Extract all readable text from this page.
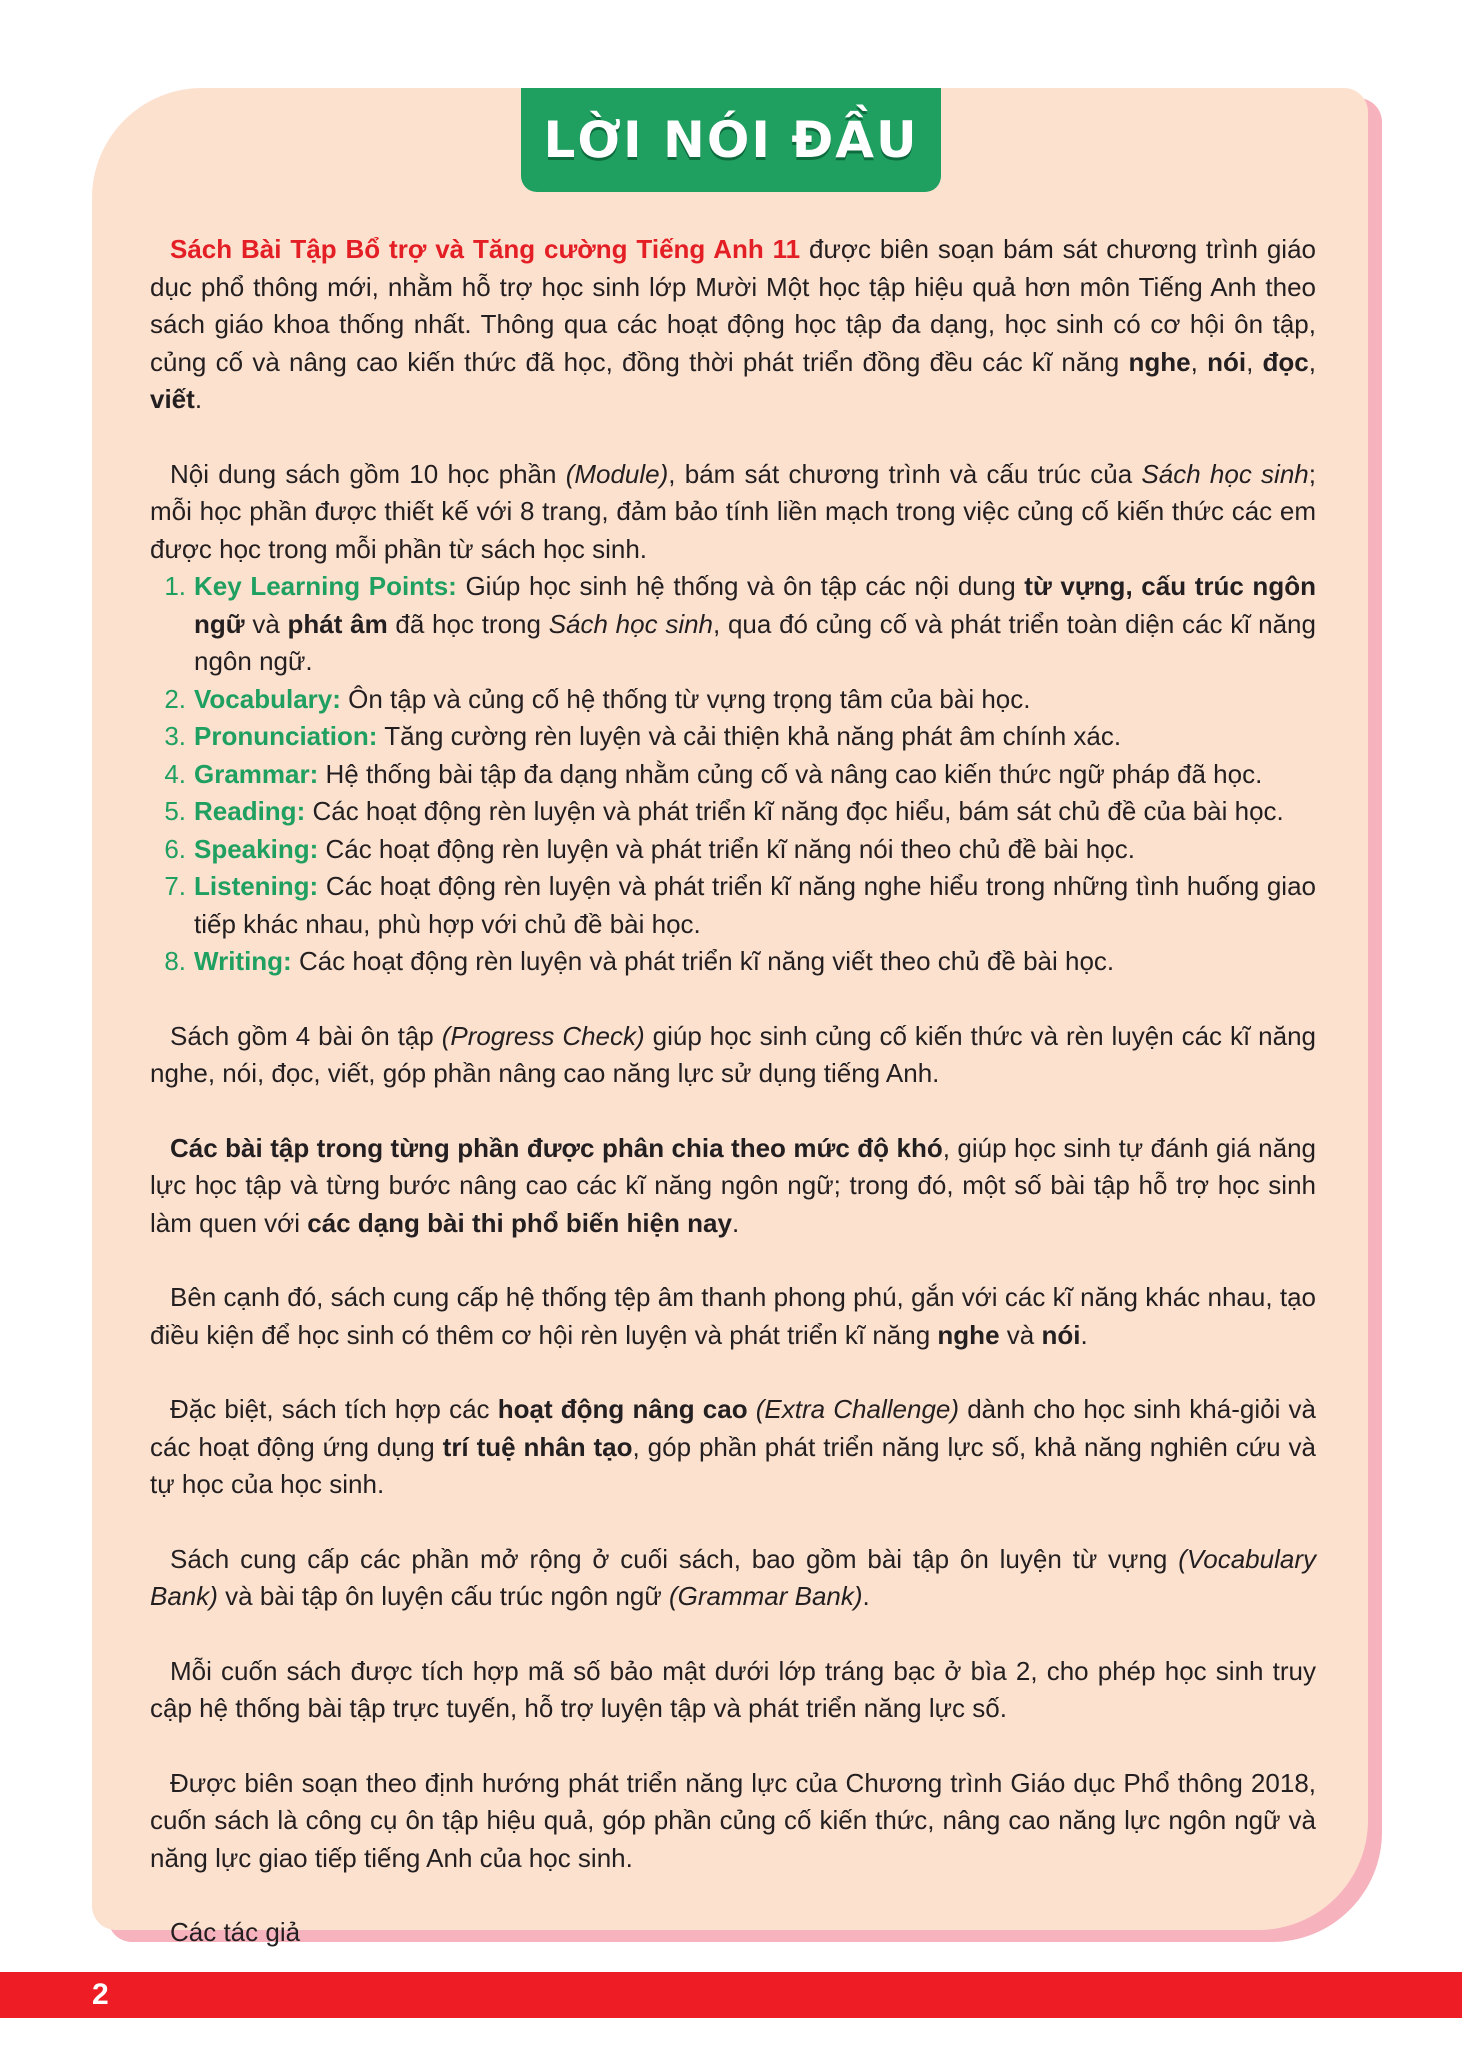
LỜI NÓI ĐẦU

Sách Bài Tập Bổ trợ và Tăng cường Tiếng Anh 11 được biên soạn bám sát chương trình giáo dục phổ thông mới, nhằm hỗ trợ học sinh lớp Mười Một học tập hiệu quả hơn môn Tiếng Anh theo sách giáo khoa thống nhất. Thông qua các hoạt động học tập đa dạng, học sinh có cơ hội ôn tập, củng cố và nâng cao kiến thức đã học, đồng thời phát triển đồng đều các kĩ năng nghe, nói, đọc, viết.

Nội dung sách gồm 10 học phần (Module), bám sát chương trình và cấu trúc của Sách học sinh; mỗi học phần được thiết kế với 8 trang, đảm bảo tính liền mạch trong việc củng cố kiến thức các em được học trong mỗi phần từ sách học sinh.

1. Key Learning Points: Giúp học sinh hệ thống và ôn tập các nội dung từ vựng, cấu trúc ngôn ngữ và phát âm đã học trong Sách học sinh, qua đó củng cố và phát triển toàn diện các kĩ năng ngôn ngữ.
2. Vocabulary: Ôn tập và củng cố hệ thống từ vựng trọng tâm của bài học.
3. Pronunciation: Tăng cường rèn luyện và cải thiện khả năng phát âm chính xác.
4. Grammar: Hệ thống bài tập đa dạng nhằm củng cố và nâng cao kiến thức ngữ pháp đã học.
5. Reading: Các hoạt động rèn luyện và phát triển kĩ năng đọc hiểu, bám sát chủ đề của bài học.
6. Speaking: Các hoạt động rèn luyện và phát triển kĩ năng nói theo chủ đề bài học.
7. Listening: Các hoạt động rèn luyện và phát triển kĩ năng nghe hiểu trong những tình huống giao tiếp khác nhau, phù hợp với chủ đề bài học.
8. Writing: Các hoạt động rèn luyện và phát triển kĩ năng viết theo chủ đề bài học.

Sách gồm 4 bài ôn tập (Progress Check) giúp học sinh củng cố kiến thức và rèn luyện các kĩ năng nghe, nói, đọc, viết, góp phần nâng cao năng lực sử dụng tiếng Anh.

Các bài tập trong từng phần được phân chia theo mức độ khó, giúp học sinh tự đánh giá năng lực học tập và từng bước nâng cao các kĩ năng ngôn ngữ; trong đó, một số bài tập hỗ trợ học sinh làm quen với các dạng bài thi phổ biến hiện nay.

Bên cạnh đó, sách cung cấp hệ thống tệp âm thanh phong phú, gắn với các kĩ năng khác nhau, tạo điều kiện để học sinh có thêm cơ hội rèn luyện và phát triển kĩ năng nghe và nói.

Đặc biệt, sách tích hợp các hoạt động nâng cao (Extra Challenge) dành cho học sinh khá-giỏi và các hoạt động ứng dụng trí tuệ nhân tạo, góp phần phát triển năng lực số, khả năng nghiên cứu và tự học của học sinh.

Sách cung cấp các phần mở rộng ở cuối sách, bao gồm bài tập ôn luyện từ vựng (Vocabulary Bank) và bài tập ôn luyện cấu trúc ngôn ngữ (Grammar Bank).

Mỗi cuốn sách được tích hợp mã số bảo mật dưới lớp tráng bạc ở bìa 2, cho phép học sinh truy cập hệ thống bài tập trực tuyến, hỗ trợ luyện tập và phát triển năng lực số.

Được biên soạn theo định hướng phát triển năng lực của Chương trình Giáo dục Phổ thông 2018, cuốn sách là công cụ ôn tập hiệu quả, góp phần củng cố kiến thức, nâng cao năng lực ngôn ngữ và năng lực giao tiếp tiếng Anh của học sinh.

Các tác giả

2
